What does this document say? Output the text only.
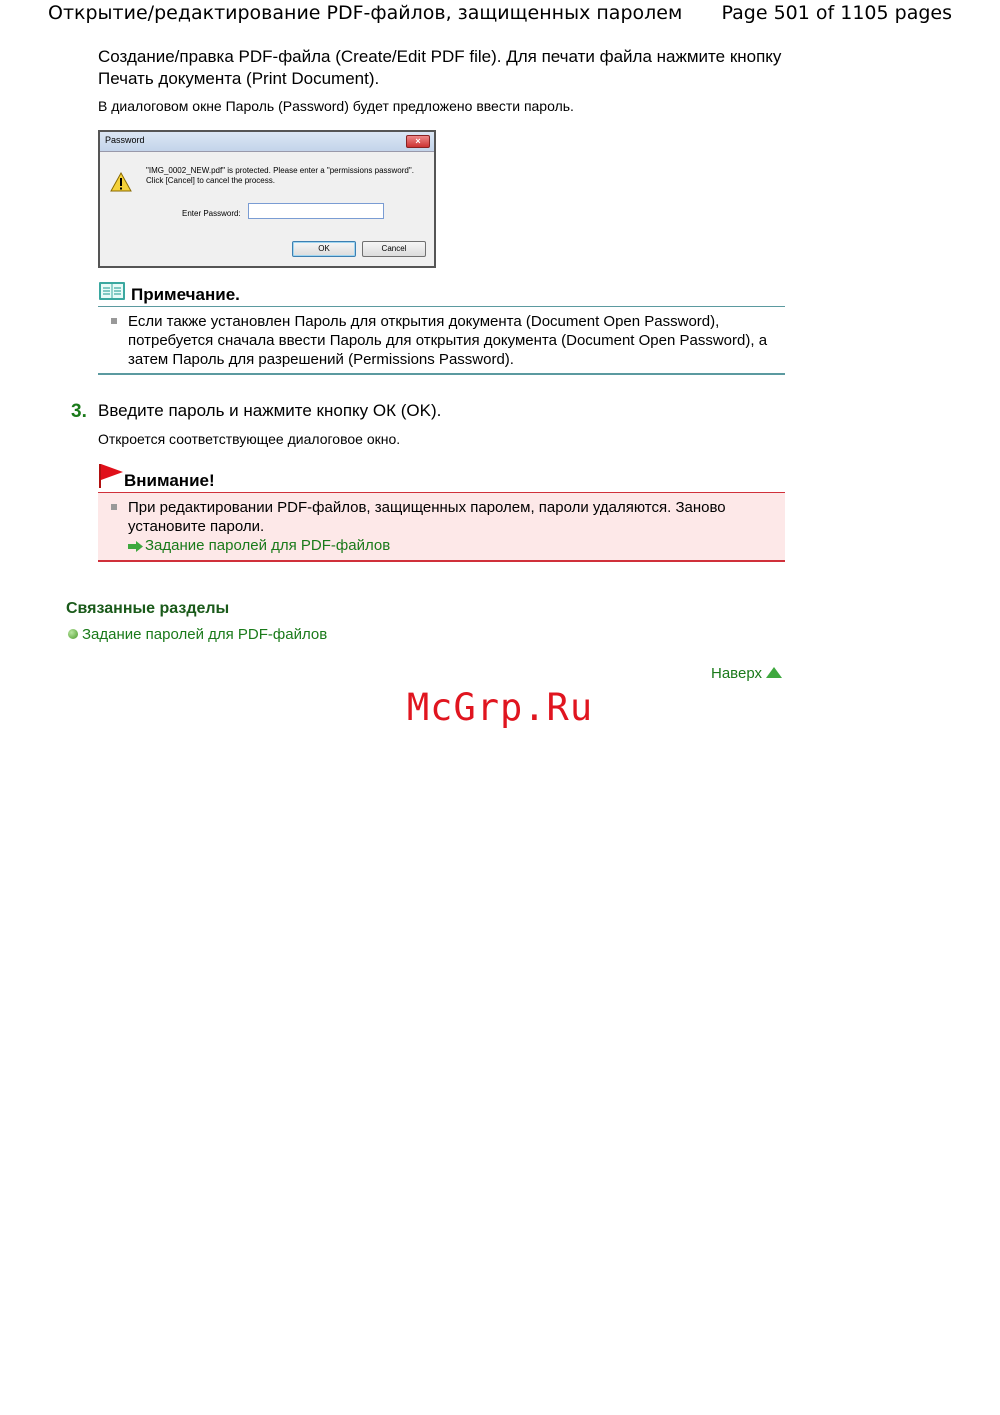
Открытие/редактирование PDF-файлов, защищенных паролем Page 501 of 1105 pages
Создание/правка PDF-файла (Create/Edit PDF file). Для печати файла нажмите кнопку Печать документа (Print Document).
В диалоговом окне Пароль (Password) будет предложено ввести пароль.
Password	×
"IMG_0002_NEW.pdf" is protected. Please enter a "permissions password".
Click [Cancel] to cancel the process.
Enter Password:
OK	Cancel
Примечание.
Если также установлен Пароль для открытия документа (Document Open Password), потребуется сначала ввести Пароль для открытия документа (Document Open Password), а затем Пароль для разрешений (Permissions Password).
3. Введите пароль и нажмите кнопку ОК (OK).
Откроется соответствующее диалоговое окно.
Внимание!
При редактировании PDF-файлов, защищенных паролем, пароли удаляются. Заново установите пароли.
Задание паролей для PDF-файлов
Связанные разделы
Задание паролей для PDF-файлов
Наверх
McGrp.Ru
